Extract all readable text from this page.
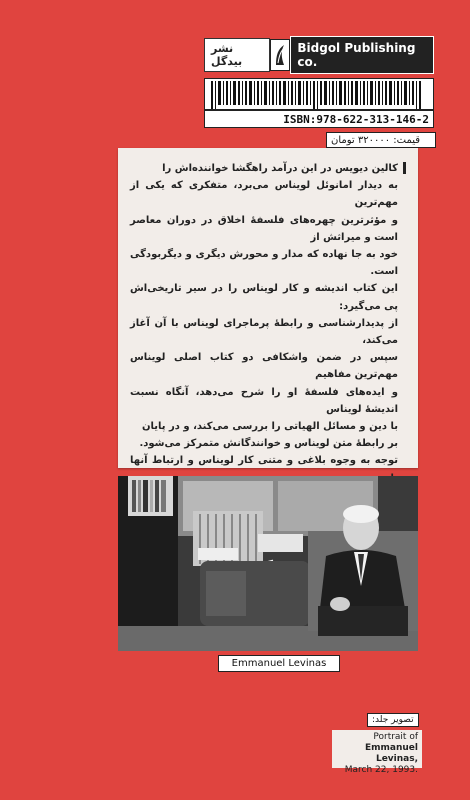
نشر بیدگل
Bidgol Publishing co.
ISBN:978-622-313-146-2
قیمت: ۳۲۰۰۰۰ تومان
کالین دیویس در این درآمد راهگشا خواننده‌اش را
به دیدار امانوئل لویناس می‌برد، متفکری که یکی از مهم‌ترین
و مؤثرترین چهره‌های فلسفهٔ اخلاق در دوران معاصر است و میراثش از
خود به جا نهاده که مدار و محورش دیگری و دیگربودگی است.
این کتاب اندیشه و کار لویناس را در سیر تاریخی‌اش پی می‌گیرد:
از پدیدارشناسی و رابطهٔ پرماجرای لویناس با آن آغاز می‌کند،
سپس در ضمن واشکافی دو کتاب اصلی لویناس مهم‌ترین مفاهیم
و ایده‌های فلسفهٔ او را شرح می‌دهد، آنگاه نسبت اندیشهٔ لویناس
با دین و مسائل الهیاتی را بررسی می‌کند، و در پایان
بر رابطهٔ متن لویناس و خوانندگانش متمرکز می‌شود.
توجه به وجوه بلاغی و متنی کار لویناس و ارتباط آنها
Emmanuel Levinas
تصویر جلد:
Portrait of
Emmanuel Levinas,
March 22, 1993.
